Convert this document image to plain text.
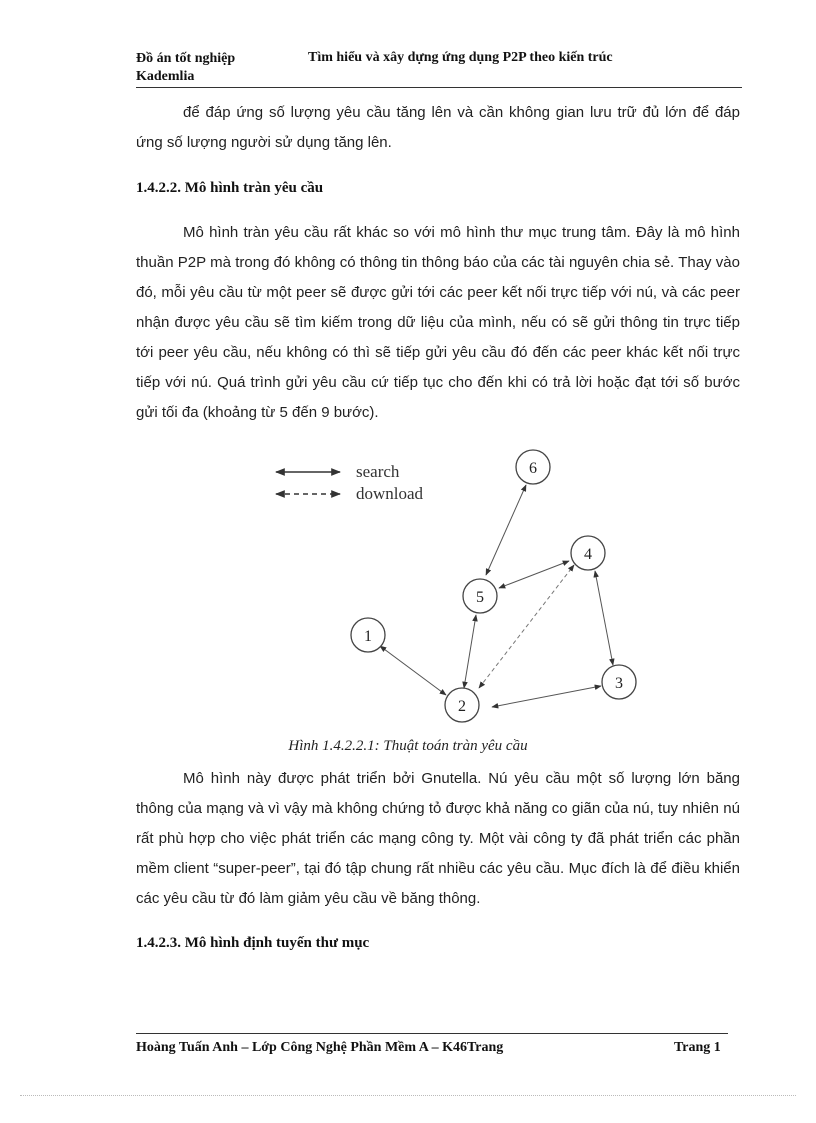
Đồ án tốt nghiệp
Kademlia
Tìm hiểu và xây dựng ứng dụng P2P theo kiến trúc
để đáp ứng số lượng yêu cầu tăng lên và cần không gian lưu trữ đủ lớn để đáp ứng số lượng người sử dụng tăng lên.
1.4.2.2. Mô hình tràn yêu cầu
Mô hình tràn yêu cầu rất khác so với mô hình thư mục trung tâm. Đây là mô hình thuần P2P mà trong đó không có thông tin thông báo của các tài nguyên chia sẻ. Thay vào đó, mỗi yêu cầu từ một peer sẽ được gửi tới các peer kết nối trực tiếp với nú, và các peer nhận được yêu cầu sẽ tìm kiếm trong dữ liệu của mình, nếu có sẽ gửi thông tin trực tiếp tới peer yêu cầu, nếu không có thì sẽ tiếp gửi yêu cầu đó đến các peer khác kết nối trực tiếp với nú. Quá trình gửi yêu cầu cứ tiếp tục cho đến khi có trả lời hoặc đạt tới số bước gửi tối đa (khoảng từ 5 đến 9 bước).
search
download
1
2
3
4
5
6
Hình 1.4.2.2.1: Thuật toán tràn yêu cầu
Mô hình này được phát triển bởi Gnutella. Nú yêu cầu một số lượng lớn băng thông của mạng và vì vậy mà không chứng tỏ được khả năng co giãn của nú, tuy nhiên nú rất phù hợp cho việc phát triển các mạng công ty. Một vài công ty đã phát triển các phần mềm client “super-peer”, tại đó tập chung rất nhiều các yêu cầu. Mục đích là để điều khiển các yêu cầu từ đó làm giảm yêu cầu về băng thông.
1.4.2.3. Mô hình định tuyến thư mục
Hoàng Tuấn Anh – Lớp Công Nghệ Phần Mềm A – K46Trang	Trang 1
